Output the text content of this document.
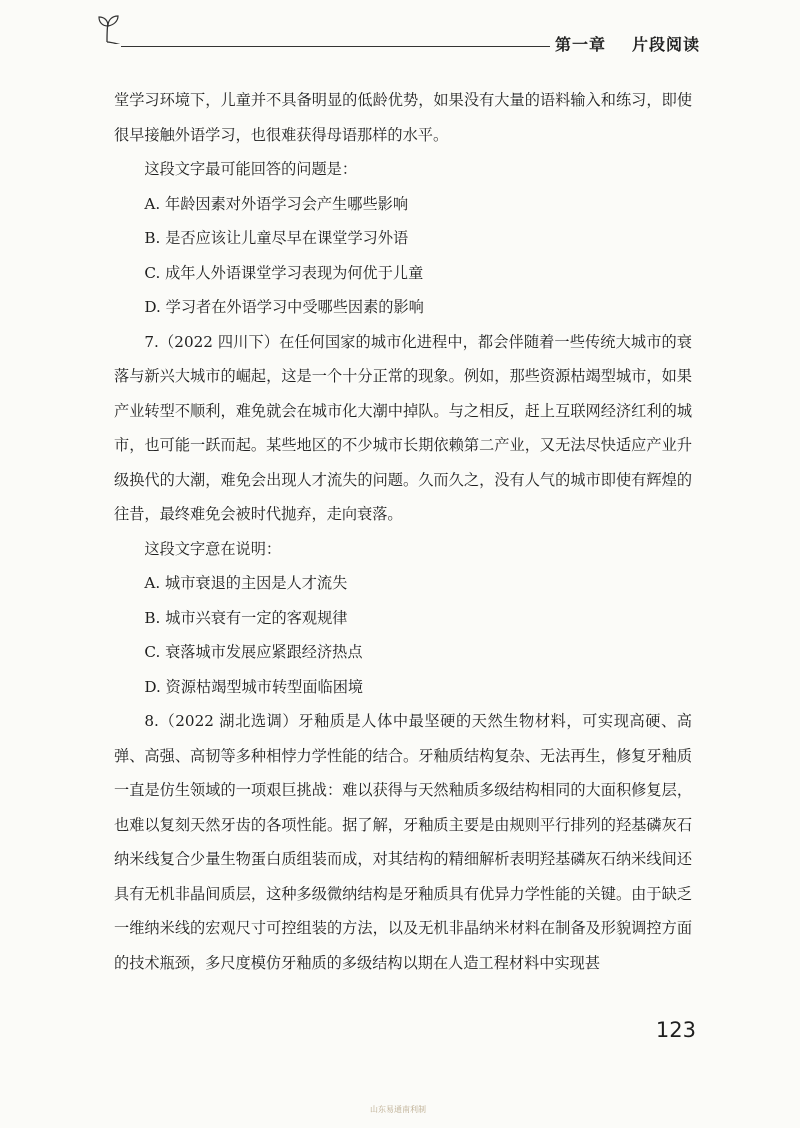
第一章 片段阅读

堂学习环境下，儿童并不具备明显的低龄优势，如果没有大量的语料输入和练习，即使很早接触外语学习，也很难获得母语那样的水平。

这段文字最可能回答的问题是：

A. 年龄因素对外语学习会产生哪些影响

B. 是否应该让儿童尽早在课堂学习外语

C. 成年人外语课堂学习表现为何优于儿童

D. 学习者在外语学习中受哪些因素的影响

7.（2022 四川下）在任何国家的城市化进程中，都会伴随着一些传统大城市的衰落与新兴大城市的崛起，这是一个十分正常的现象。例如，那些资源枯竭型城市，如果产业转型不顺利，难免就会在城市化大潮中掉队。与之相反，赶上互联网经济红利的城市，也可能一跃而起。某些地区的不少城市长期依赖第二产业，又无法尽快适应产业升级换代的大潮，难免会出现人才流失的问题。久而久之，没有人气的城市即使有辉煌的往昔，最终难免会被时代抛弃，走向衰落。

这段文字意在说明：

A. 城市衰退的主因是人才流失

B. 城市兴衰有一定的客观规律

C. 衰落城市发展应紧跟经济热点

D. 资源枯竭型城市转型面临困境

8.（2022 湖北选调）牙釉质是人体中最坚硬的天然生物材料，可实现高硬、高弹、高强、高韧等多种相悖力学性能的结合。牙釉质结构复杂、无法再生，修复牙釉质一直是仿生领域的一项艰巨挑战：难以获得与天然釉质多级结构相同的大面积修复层，也难以复刻天然牙齿的各项性能。据了解，牙釉质主要是由规则平行排列的羟基磷灰石纳米线复合少量生物蛋白质组装而成，对其结构的精细解析表明羟基磷灰石纳米线间还具有无机非晶间质层，这种多级微纳结构是牙釉质具有优异力学性能的关键。由于缺乏一维纳米线的宏观尺寸可控组装的方法，以及无机非晶纳米材料在制备及形貌调控方面的技术瓶颈，多尺度模仿牙釉质的多级结构以期在人造工程材料中实现甚

123
山东易通南利制
